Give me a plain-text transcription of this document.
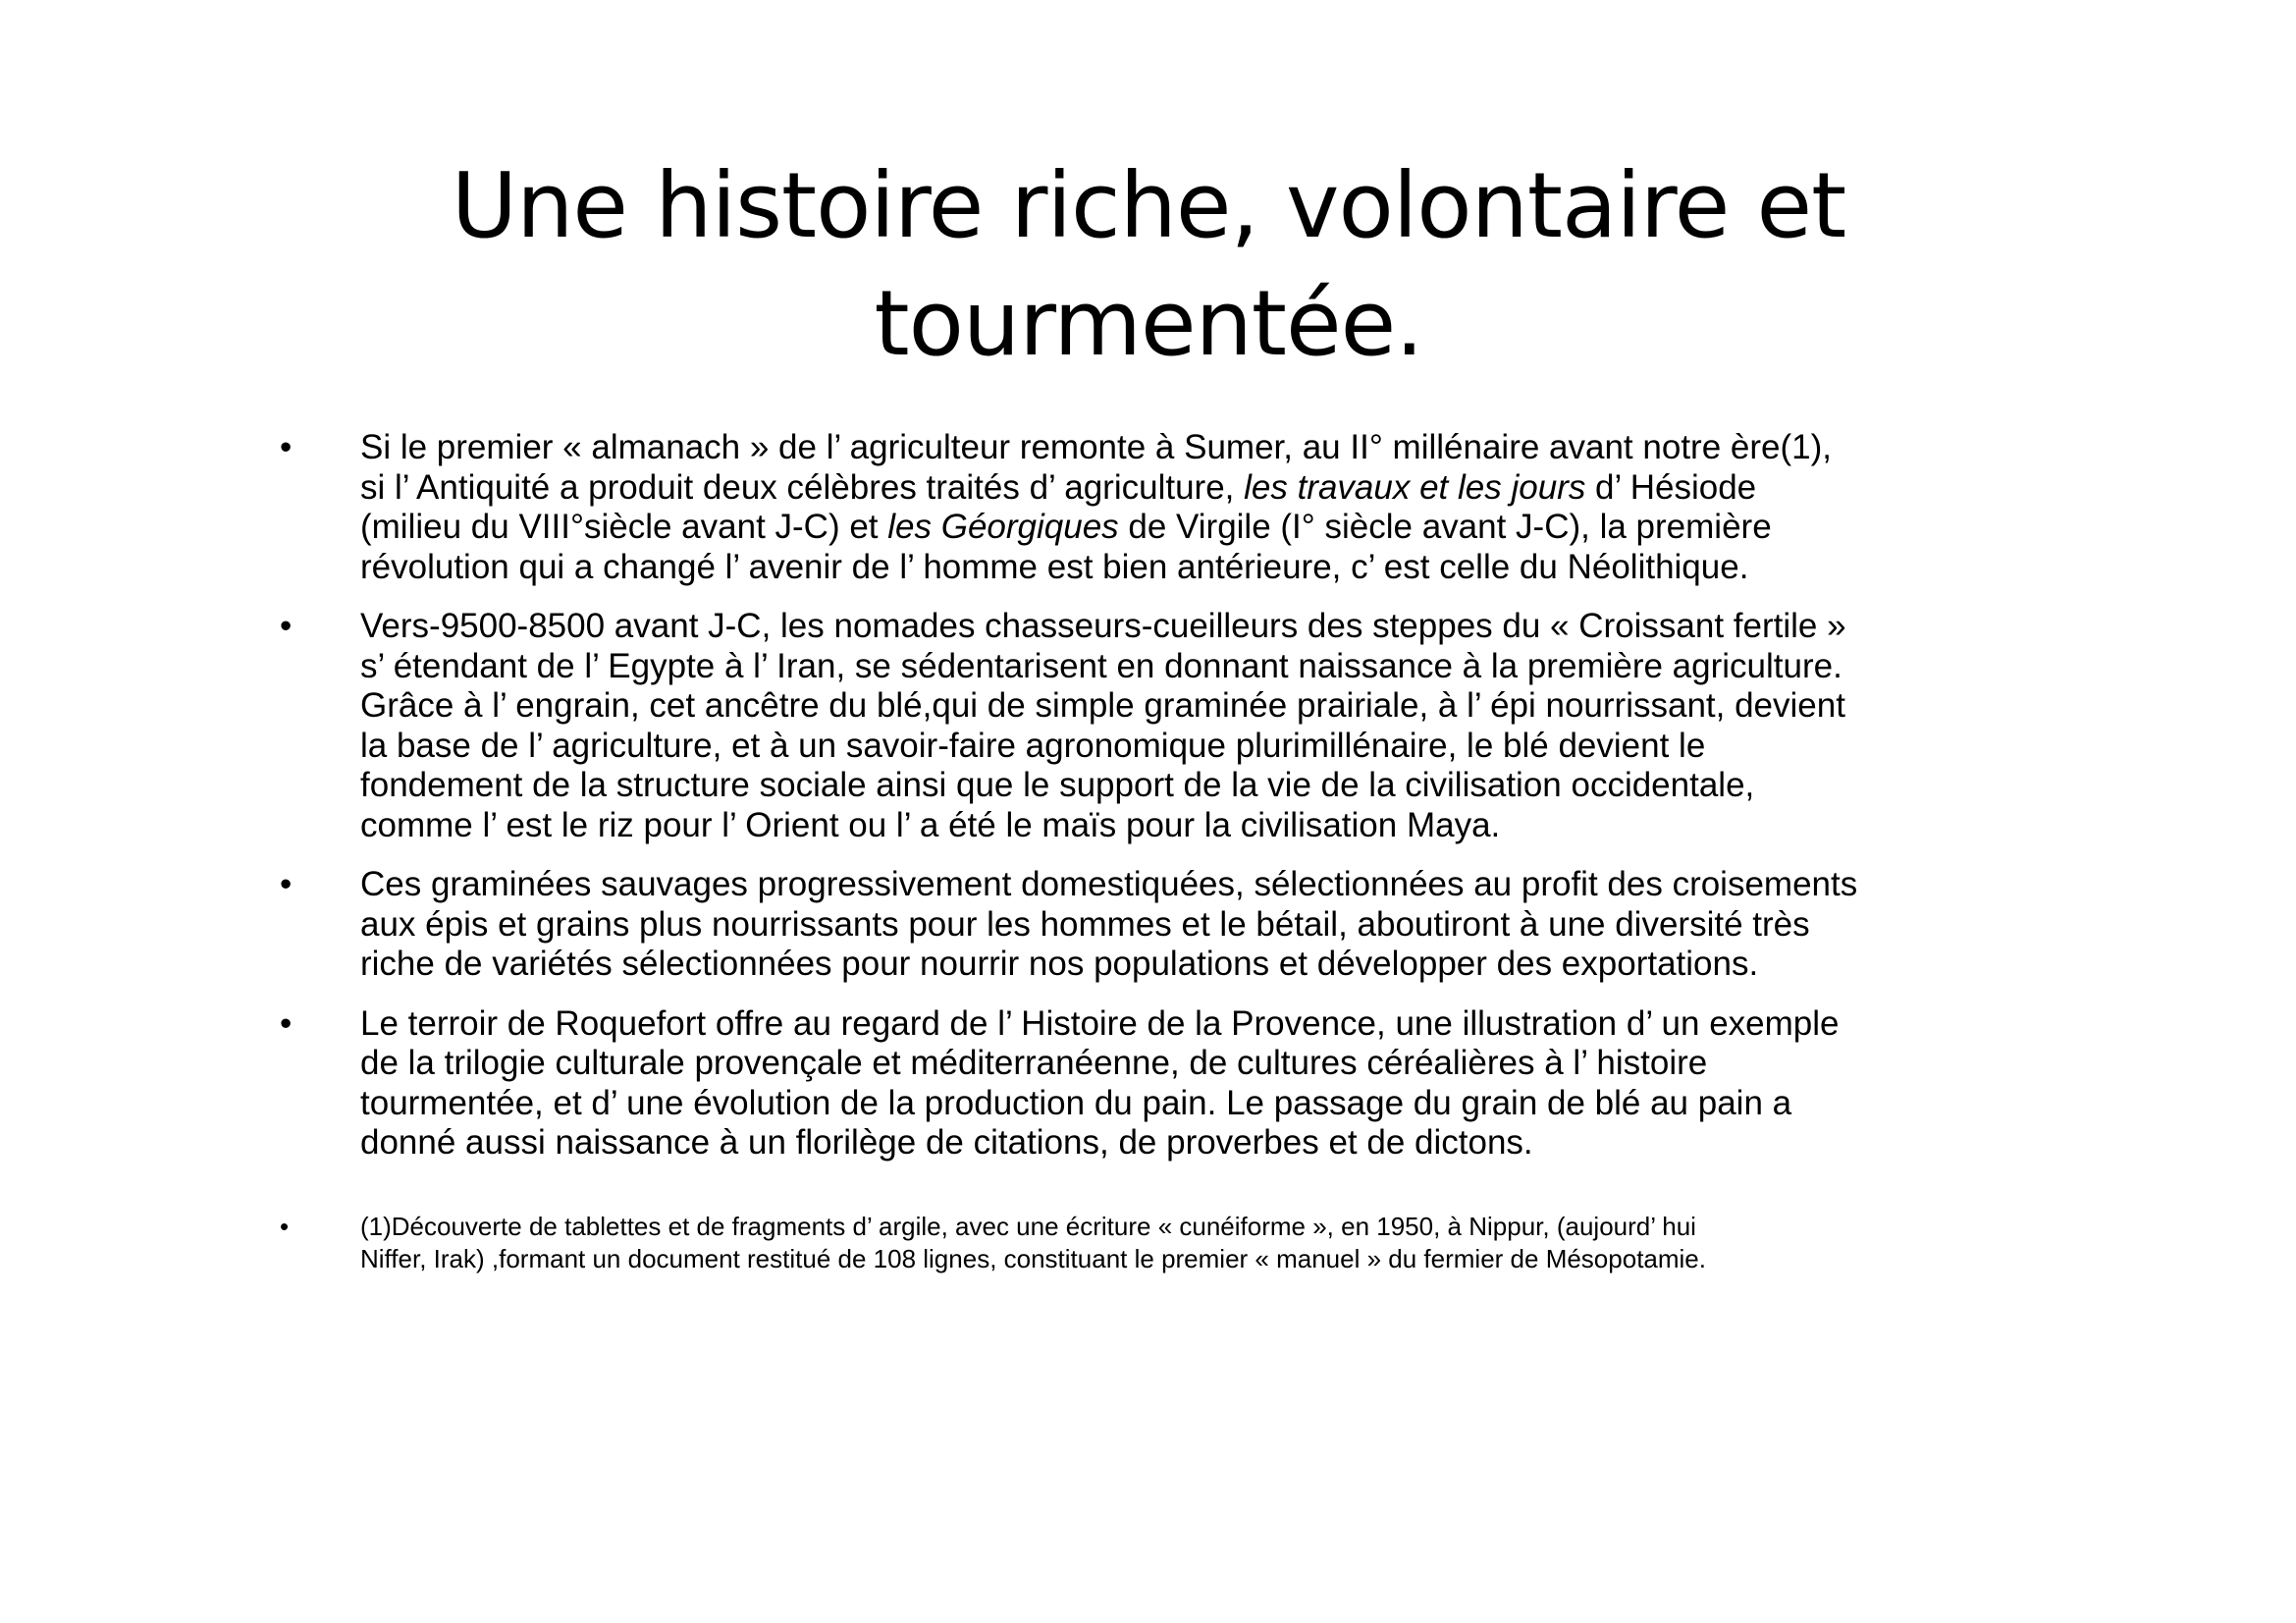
Une histoire riche, volontaire et
tourmentée.
•	Si le premier « almanach » de l’ agriculteur remonte à Sumer, au II° millénaire avant notre ère(1),
si l’ Antiquité a produit deux célèbres traités d’ agriculture, les travaux et les jours d’ Hésiode
(milieu du VIII°siècle avant J-C) et les Géorgiques de Virgile (I° siècle avant J-C), la première
révolution qui a changé l’ avenir de l’ homme est bien antérieure, c’ est celle du Néolithique.
•	Vers-9500-8500 avant J-C, les nomades chasseurs-cueilleurs des steppes du « Croissant fertile »
s’ étendant de l’ Egypte à l’ Iran, se sédentarisent en donnant naissance à la première agriculture.
Grâce à l’ engrain, cet ancêtre du blé,qui de simple graminée prairiale, à l’ épi nourrissant, devient
la base de l’ agriculture, et à un savoir-faire agronomique plurimillénaire, le blé devient le
fondement de la structure sociale ainsi que le support de la vie de la civilisation occidentale,
comme l’ est le riz pour l’ Orient ou l’ a été le maïs pour la civilisation Maya.
•	Ces graminées sauvages progressivement domestiquées, sélectionnées au profit des croisements
aux épis et grains plus nourrissants pour les hommes et le bétail, aboutiront à une diversité très
riche de variétés sélectionnées pour nourrir nos populations et développer des exportations.
•	Le terroir de Roquefort offre au regard de l’ Histoire de la Provence, une illustration d’ un exemple
de la trilogie culturale provençale et méditerranéenne, de cultures céréalières à l’ histoire
tourmentée, et d’ une évolution de la production du pain. Le passage du grain de blé au pain a
donné aussi naissance à un florilège de citations, de proverbes et de dictons.
•	(1)Découverte de tablettes et de fragments d’ argile, avec une écriture « cunéiforme », en 1950, à Nippur, (aujourd’ hui
Niffer, Irak) ,formant un document restitué de 108 lignes, constituant le premier « manuel » du fermier de Mésopotamie.
